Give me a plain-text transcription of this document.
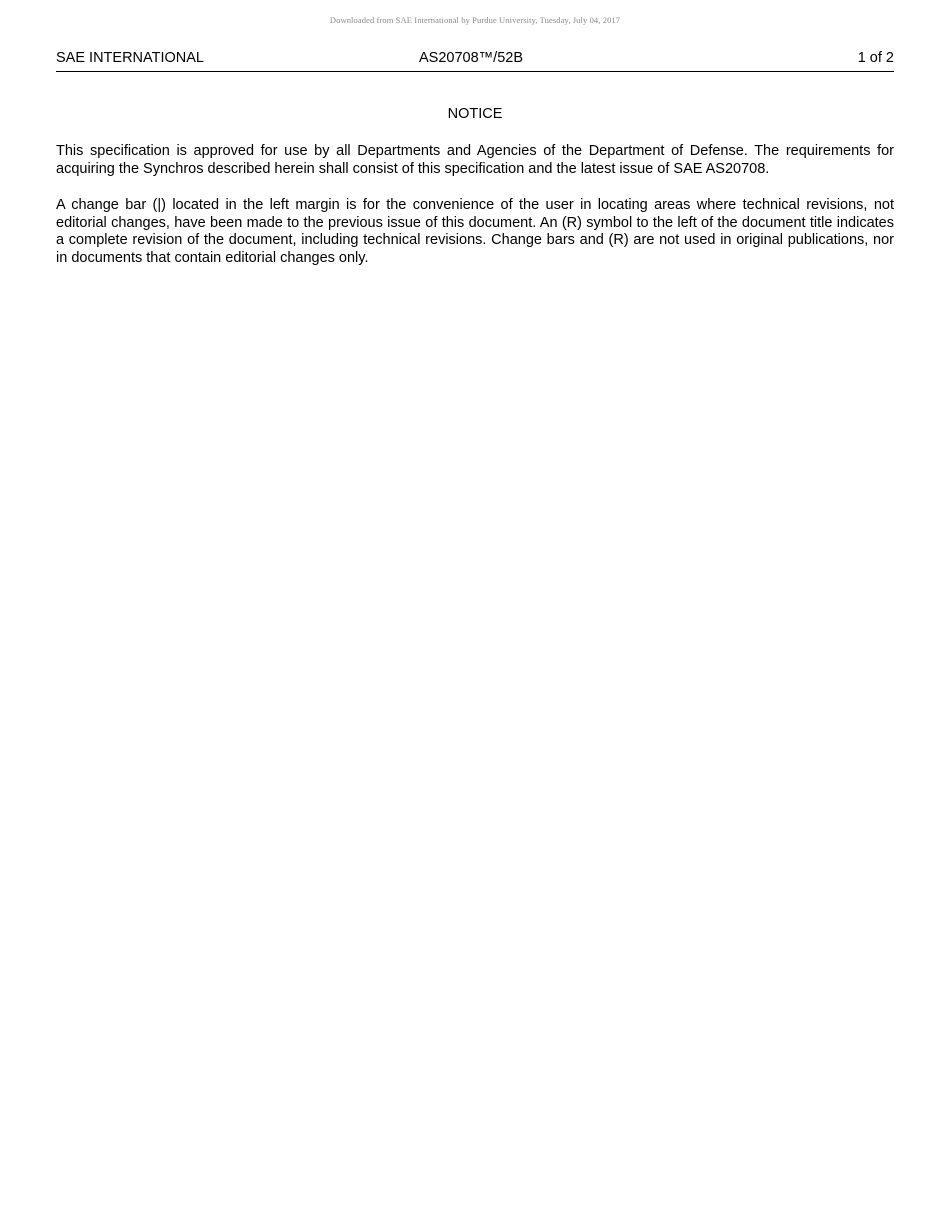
Downloaded from SAE International by Purdue University, Tuesday, July 04, 2017
SAE INTERNATIONAL	AS20708™/52B	1 of 2
NOTICE

This specification is approved for use by all Departments and Agencies of the Department of Defense. The requirements for acquiring the Synchros described herein shall consist of this specification and the latest issue of SAE AS20708.

A change bar (|) located in the left margin is for the convenience of the user in locating areas where technical revisions, not editorial changes, have been made to the previous issue of this document. An (R) symbol to the left of the document title indicates a complete revision of the document, including technical revisions. Change bars and (R) are not used in original publications, nor in documents that contain editorial changes only.
